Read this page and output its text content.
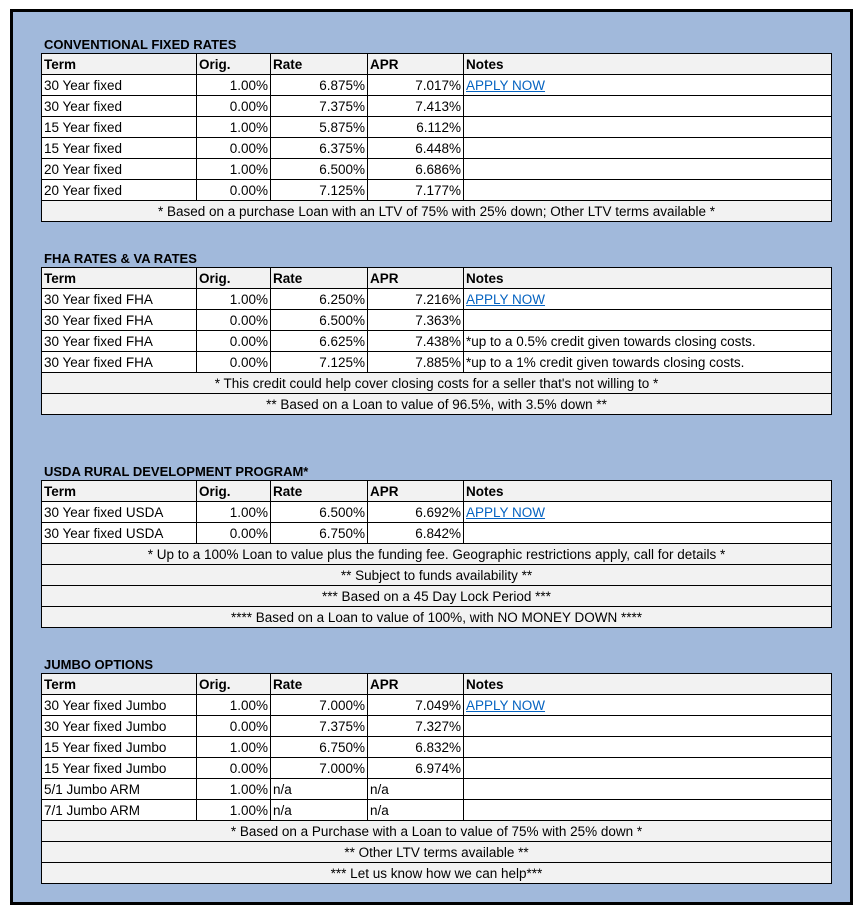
CONVENTIONAL FIXED RATES
Term	Orig.	Rate	APR	Notes
30 Year fixed	1.00%	6.875%	7.017%	APPLY NOW
30 Year fixed	0.00%	7.375%	7.413%	
15 Year fixed	1.00%	5.875%	6.112%	
15 Year fixed	0.00%	6.375%	6.448%	
20 Year fixed	1.00%	6.500%	6.686%	
20 Year fixed	0.00%	7.125%	7.177%	
* Based on a purchase Loan with an LTV of 75% with 25% down; Other LTV terms available *				
FHA RATES & VA RATES
Term	Orig.	Rate	APR	Notes
30 Year fixed FHA	1.00%	6.250%	7.216%	APPLY NOW
30 Year fixed FHA	0.00%	6.500%	7.363%	
30 Year fixed FHA	0.00%	6.625%	7.438%	*up to a 0.5% credit given towards closing costs.
30 Year fixed FHA	0.00%	7.125%	7.885%	*up to a 1% credit given towards closing costs.
* This credit could help cover closing costs for a seller that's not willing to *				
** Based on a Loan to value of 96.5%, with 3.5% down **				
USDA RURAL DEVELOPMENT PROGRAM*
Term	Orig.	Rate	APR	Notes
30 Year fixed USDA	1.00%	6.500%	6.692%	APPLY NOW
30 Year fixed USDA	0.00%	6.750%	6.842%	
* Up to a 100% Loan to value plus the funding fee. Geographic restrictions apply, call for details *				
** Subject to funds availability **				
*** Based on a 45 Day Lock Period ***				
**** Based on a Loan to value of 100%, with NO MONEY DOWN ****				
JUMBO OPTIONS
Term	Orig.	Rate	APR	Notes
30 Year fixed Jumbo	1.00%	7.000%	7.049%	APPLY NOW
30 Year fixed Jumbo	0.00%	7.375%	7.327%	
15 Year fixed Jumbo	1.00%	6.750%	6.832%	
15 Year fixed Jumbo	0.00%	7.000%	6.974%	
5/1 Jumbo ARM	1.00%	n/a	n/a	
7/1 Jumbo ARM	1.00%	n/a	n/a	
* Based on a Purchase with a Loan to value of 75% with 25% down *				
** Other LTV terms available **				
*** Let us know how we can help***				
